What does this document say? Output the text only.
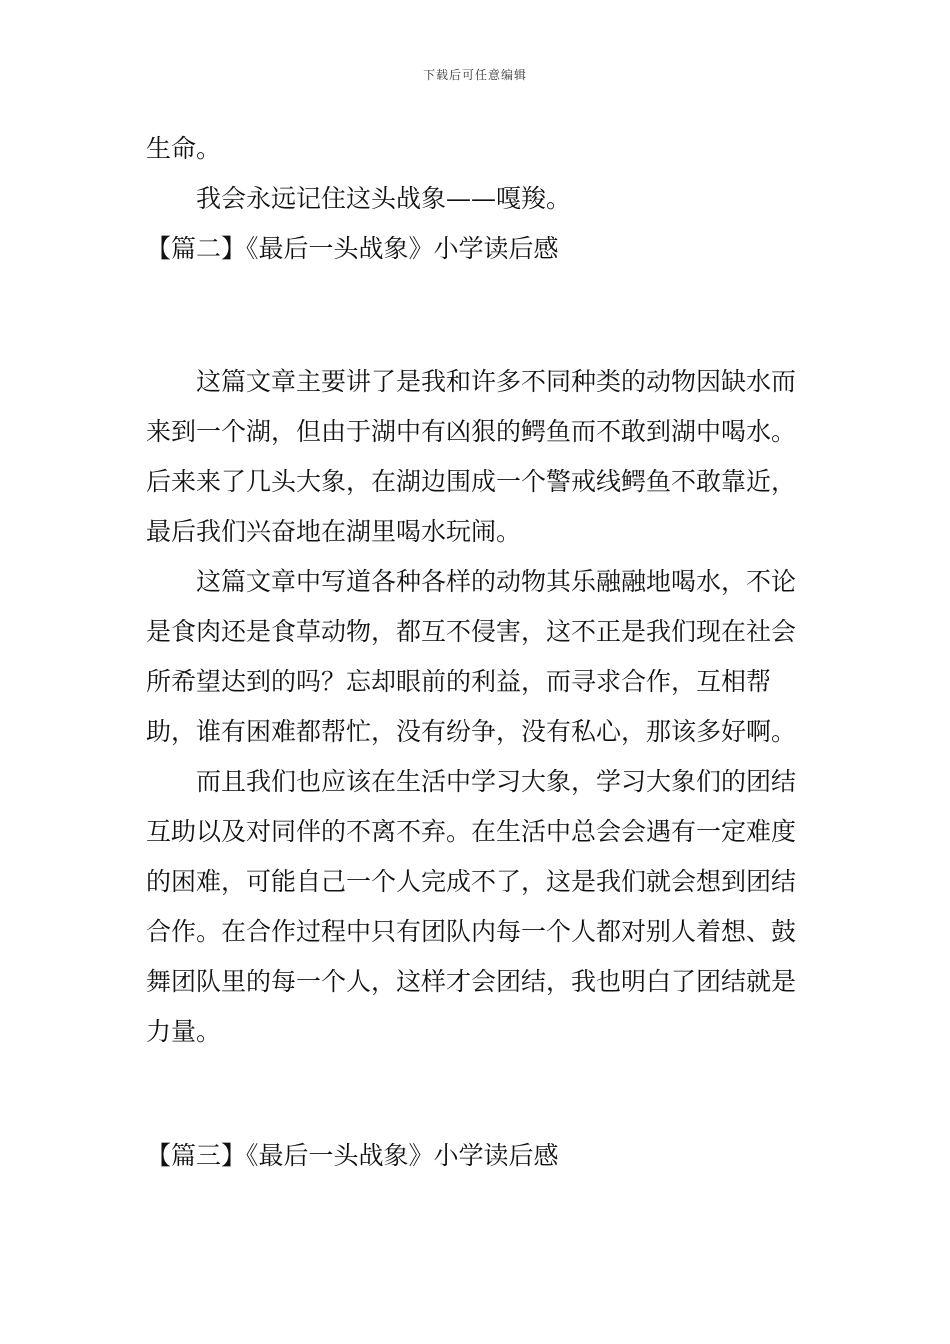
下载后可任意编辑

生命。

我会永远记住这头战象——嘎羧。

【篇二】《最后一头战象》小学读后感

这篇文章主要讲了是我和许多不同种类的动物因缺水而来到一个湖，但由于湖中有凶狠的鳄鱼而不敢到湖中喝水。后来来了几头大象，在湖边围成一个警戒线鳄鱼不敢靠近，最后我们兴奋地在湖里喝水玩闹。

这篇文章中写道各种各样的动物其乐融融地喝水，不论是食肉还是食草动物，都互不侵害，这不正是我们现在社会所希望达到的吗？忘却眼前的利益，而寻求合作，互相帮助，谁有困难都帮忙，没有纷争，没有私心，那该多好啊。

而且我们也应该在生活中学习大象，学习大象们的团结互助以及对同伴的不离不弃。在生活中总会会遇有一定难度的困难，可能自己一个人完成不了，这是我们就会想到团结合作。在合作过程中只有团队内每一个人都对别人着想、鼓舞团队里的每一个人，这样才会团结，我也明白了团结就是力量。

【篇三】《最后一头战象》小学读后感
